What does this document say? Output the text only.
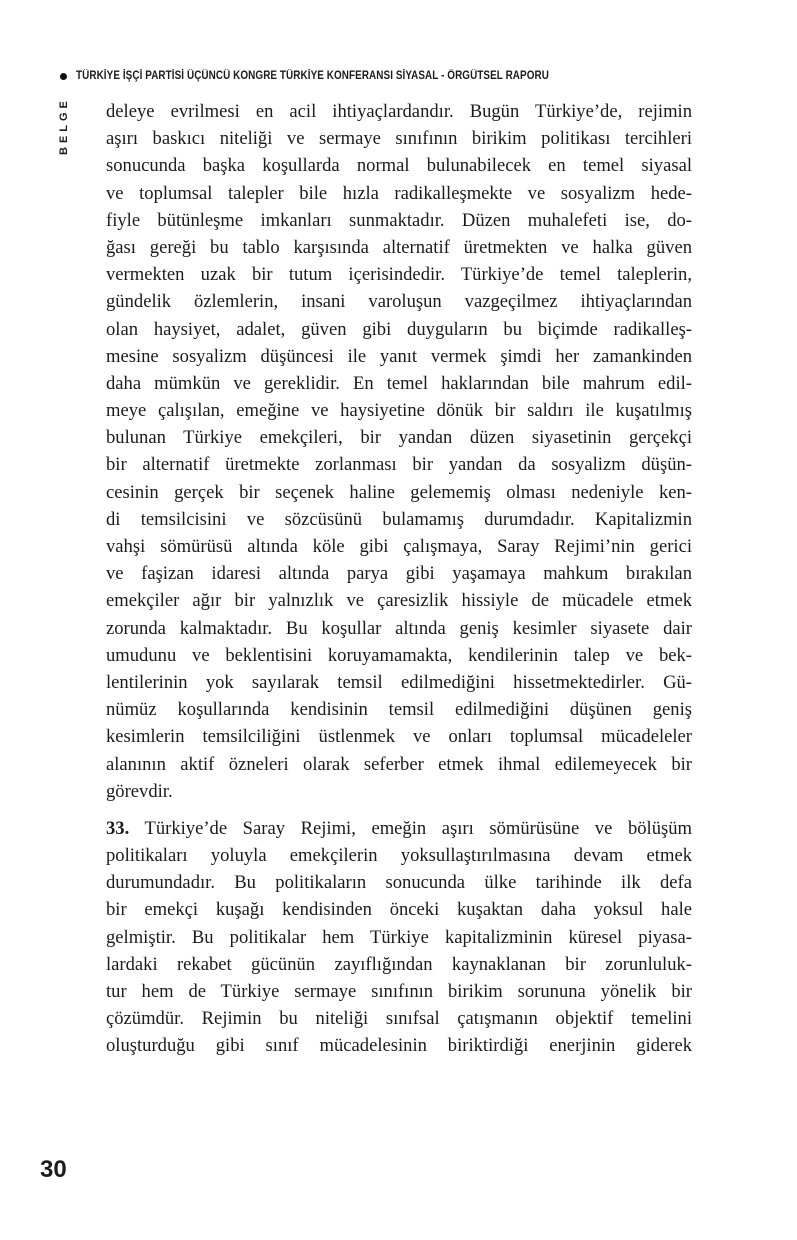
TÜRKİYE İŞÇİ PARTİSİ ÜÇÜNCÜ KONGRE TÜRKİYE KONFERANSI SİYASAL - ÖRGÜTSEL RAPORU
BELGE deleye evrilmesi en acil ihtiyaçlardandır. Bugün Türkiye’de, rejimin
aşırı baskıcı niteliği ve sermaye sınıfının birikim politikası tercihleri
sonucunda başka koşullarda normal bulunabilecek en temel siyasal
ve toplumsal talepler bile hızla radikalleşmekte ve sosyalizm hede-
fiyle bütünleşme imkanları sunmaktadır. Düzen muhalefeti ise, do-
ğası gereği bu tablo karşısında alternatif üretmekten ve halka güven
vermekten uzak bir tutum içerisindedir. Türkiye’de temel taleplerin,
gündelik özlemlerin, insani varoluşun vazgeçilmez ihtiyaçlarından
olan haysiyet, adalet, güven gibi duyguların bu biçimde radikalleş-
mesine sosyalizm düşüncesi ile yanıt vermek şimdi her zamankinden
daha mümkün ve gereklidir. En temel haklarından bile mahrum edil-
meye çalışılan, emeğine ve haysiyetine dönük bir saldırı ile kuşatılmış
bulunan Türkiye emekçileri, bir yandan düzen siyasetinin gerçekçi
bir alternatif üretmekte zorlanması bir yandan da sosyalizm düşün-
cesinin gerçek bir seçenek haline gelememiş olması nedeniyle ken-
di temsilcisini ve sözcüsünü bulamamış durumdadır. Kapitalizmin
vahşi sömürüsü altında köle gibi çalışmaya, Saray Rejimi’nin gerici
ve faşizan idaresi altında parya gibi yaşamaya mahkum bırakılan
emekçiler ağır bir yalnızlık ve çaresizlik hissiyle de mücadele etmek
zorunda kalmaktadır. Bu koşullar altında geniş kesimler siyasete dair
umudunu ve beklentisini koruyamamakta, kendilerinin talep ve bek-
lentilerinin yok sayılarak temsil edilmediğini hissetmektedirler. Gü-
nümüz koşullarında kendisinin temsil edilmediğini düşünen geniş
kesimlerin temsilciliğini üstlenmek ve onları toplumsal mücadeleler
alanının aktif özneleri olarak seferber etmek ihmal edilemeyecek bir
görevdir.

33. Türkiye’de Saray Rejimi, emeğin aşırı sömürüsüne ve bölüşüm
politikaları yoluyla emekçilerin yoksullaştırılmasına devam etmek
durumundadır. Bu politikaların sonucunda ülke tarihinde ilk defa
bir emekçi kuşağı kendisinden önceki kuşaktan daha yoksul hale
gelmiştir. Bu politikalar hem Türkiye kapitalizminin küresel piyasa-
lardaki rekabet gücünün zayıflığından kaynaklanan bir zorunluluk-
tur hem de Türkiye sermaye sınıfının birikim sorununa yönelik bir
çözümdür. Rejimin bu niteliği sınıfsal çatışmanın objektif temelini
oluşturduğu gibi sınıf mücadelesinin biriktirdiği enerjinin giderek

30
